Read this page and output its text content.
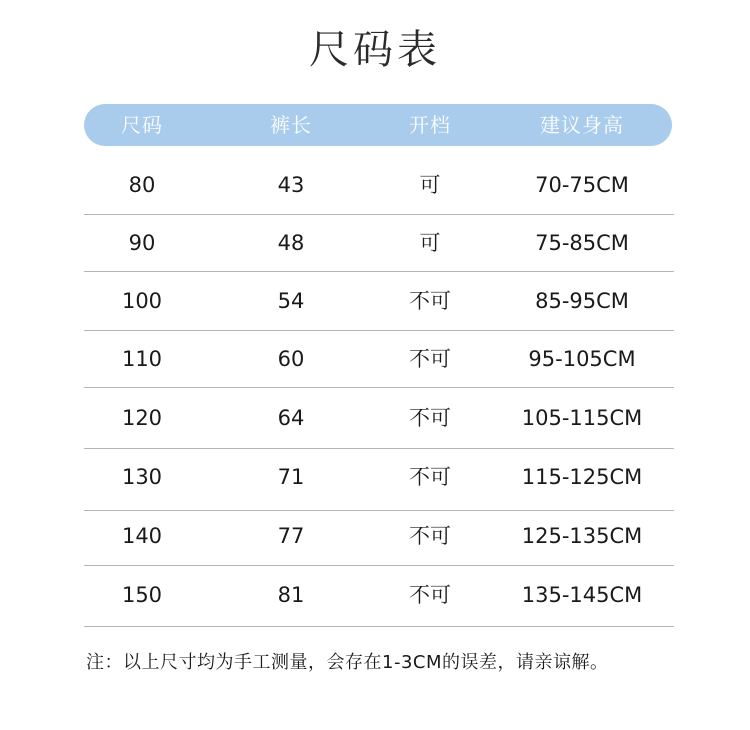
尺码表
尺码	裤长	开档	建议身高
80	43	可	70-75CM
90	48	可	75-85CM
100	54	不可	85-95CM
110	60	不可	95-105CM
120	64	不可	105-115CM
130	71	不可	115-125CM
140	77	不可	125-135CM
150	81	不可	135-145CM
注：以上尺寸均为手工测量，会存在1-3CM的误差，请亲谅解。
